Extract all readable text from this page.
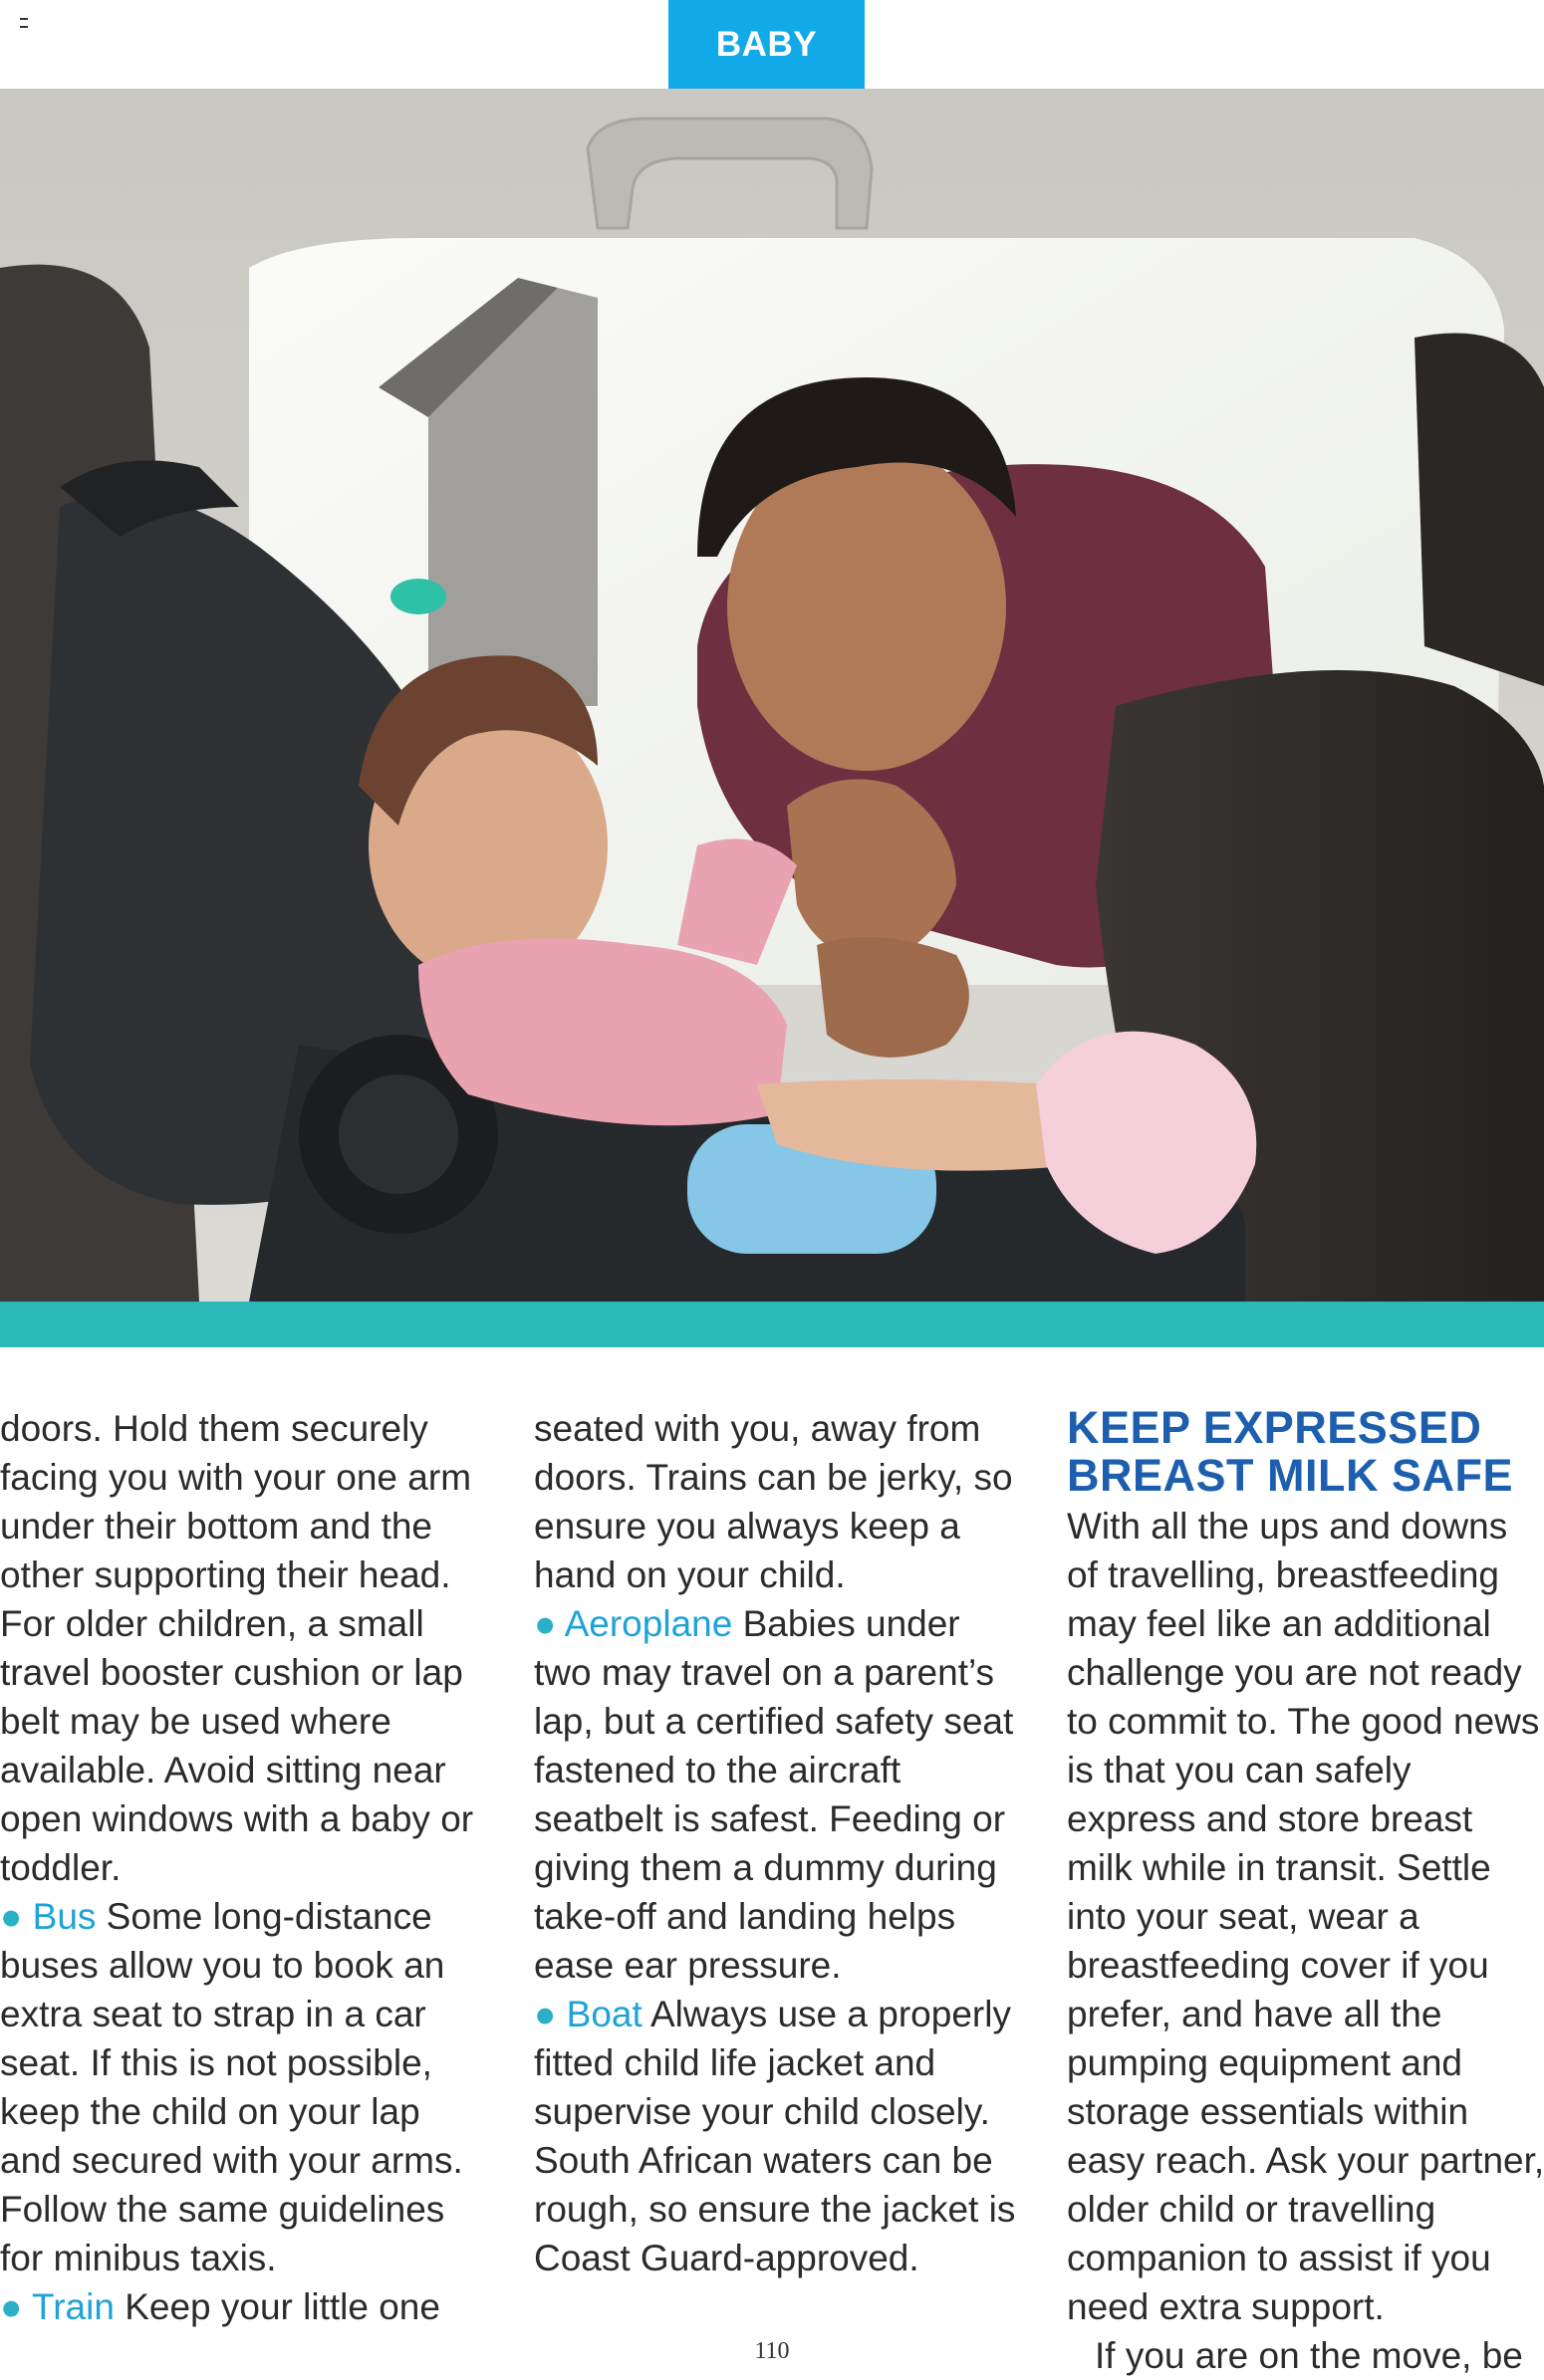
BABY

doors. Hold them securely facing you with your one arm under their bottom and the other supporting their head. For older children, a small travel booster cushion or lap belt may be used where available. Avoid sitting near open windows with a baby or toddler.

● Bus Some long-distance buses allow you to book an extra seat to strap in a car seat. If this is not possible, keep the child on your lap and secured with your arms. Follow the same guidelines for minibus taxis.

● Train Keep your little one

seated with you, away from doors. Trains can be jerky, so ensure you always keep a hand on your child.

● Aeroplane Babies under two may travel on a parent’s lap, but a certified safety seat fastened to the aircraft seatbelt is safest. Feeding or giving them a dummy during take-off and landing helps ease ear pressure.

● Boat Always use a properly fitted child life jacket and supervise your child closely. South African waters can be rough, so ensure the jacket is Coast Guard-approved.

KEEP EXPRESSED BREAST MILK SAFE

With all the ups and downs of travelling, breastfeeding may feel like an additional challenge you are not ready to commit to. The good news is that you can safely express and store breast milk while in transit. Settle into your seat, wear a breastfeeding cover if you prefer, and have all the pumping equipment and storage essentials within easy reach. Ask your partner, older child or travelling companion to assist if you need extra support.

If you are on the move, be

110
